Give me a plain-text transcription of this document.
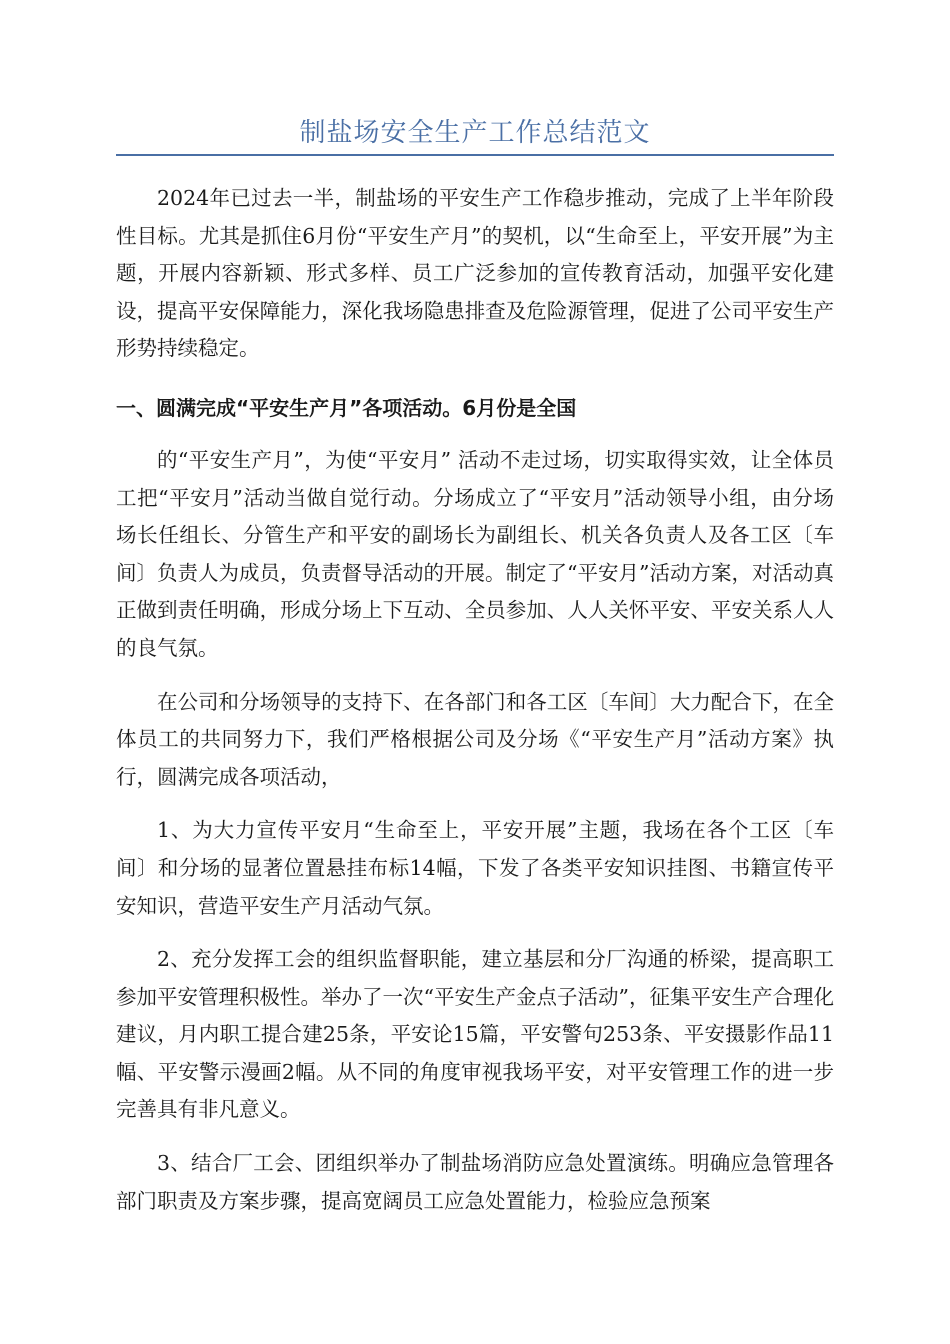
制盐场安全生产工作总结范文

2024年已过去一半，制盐场的平安生产工作稳步推动，完成了上半年阶段性目标。尤其是抓住6月份“平安生产月”的契机，以“生命至上，平安开展”为主题，开展内容新颖、形式多样、员工广泛参加的宣传教育活动，加强平安化建设，提高平安保障能力，深化我场隐患排查及危险源管理，促进了公司平安生产形势持续稳定。

一、圆满完成“平安生产月”各项活动。6月份是全国

的“平安生产月”，为使“平安月” 活动不走过场，切实取得实效，让全体员工把“平安月”活动当做自觉行动。分场成立了“平安月”活动领导小组，由分场场长任组长、分管生产和平安的副场长为副组长、机关各负责人及各工区〔车间〕负责人为成员，负责督导活动的开展。制定了“平安月”活动方案，对活动真正做到责任明确，形成分场上下互动、全员参加、人人关怀平安、平安关系人人的良气氛。

在公司和分场领导的支持下、在各部门和各工区〔车间〕大力配合下，在全体员工的共同努力下，我们严格根据公司及分场《“平安生产月”活动方案》执行，圆满完成各项活动，

1、为大力宣传平安月“生命至上，平安开展”主题，我场在各个工区〔车间〕和分场的显著位置悬挂布标14幅，下发了各类平安知识挂图、书籍宣传平安知识，营造平安生产月活动气氛。

2、充分发挥工会的组织监督职能，建立基层和分厂沟通的桥梁，提高职工参加平安管理积极性。举办了一次“平安生产金点子活动”，征集平安生产合理化建议，月内职工提合建25条，平安论15篇，平安警句253条、平安摄影作品11幅、平安警示漫画2幅。从不同的角度审视我场平安，对平安管理工作的进一步完善具有非凡意义。

3、结合厂工会、团组织举办了制盐场消防应急处置演练。明确应急管理各部门职责及方案步骤，提高宽阔员工应急处置能力，检验应急预案
